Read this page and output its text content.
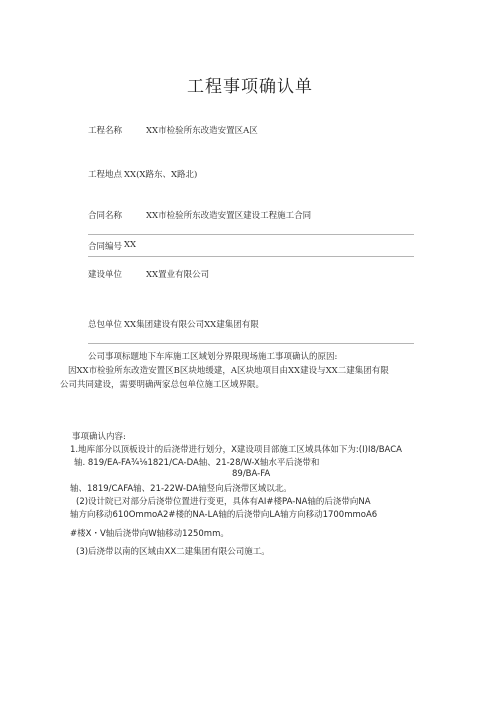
工程事项确认单
工程名称	XX市检验所东改造安置区A区
工程地点 XX(X路东、X路北)
合同名称	XX市检验所东改造安置区建设工程施工合同
合同编号 XX
建设单位	XX置业有限公司
总包单位 XX集团建设有限公司XX建集团有限
公司事项标题地下车库施工区域划分界限现场施工事项确认的原因:
因XX市检验所东改造安置区B区块地缓建，A区块地项目由XX建设与XX二建集团有限
公司共同建设，需要明确两家总包单位施工区域界限。
事项确认内容:
1.地库部分以顶板设计的后浇带进行划分，X建设项目部施工区域具体如下为:(I)I8/BACA
轴. 819/EA-FA¾⅛1821/CA-DA轴、21-28/W-X轴水平后浇带和
89/BA-FA
轴、1819/CAFA轴、21-22W-DA轴竖向后浇带区域以北。
(2)设计院已对部分后浇带位置进行变更，具体有AI#楼PA-NA轴的后浇带向NA
轴方向移动610OmmoA2#楼的NA-LA轴的后浇带向LA轴方向移动1700mmoA6
#楼X・V轴后浇带向W轴移动1250mm。
(3)后浇带以南的区域由XX二建集团有限公司施工。
